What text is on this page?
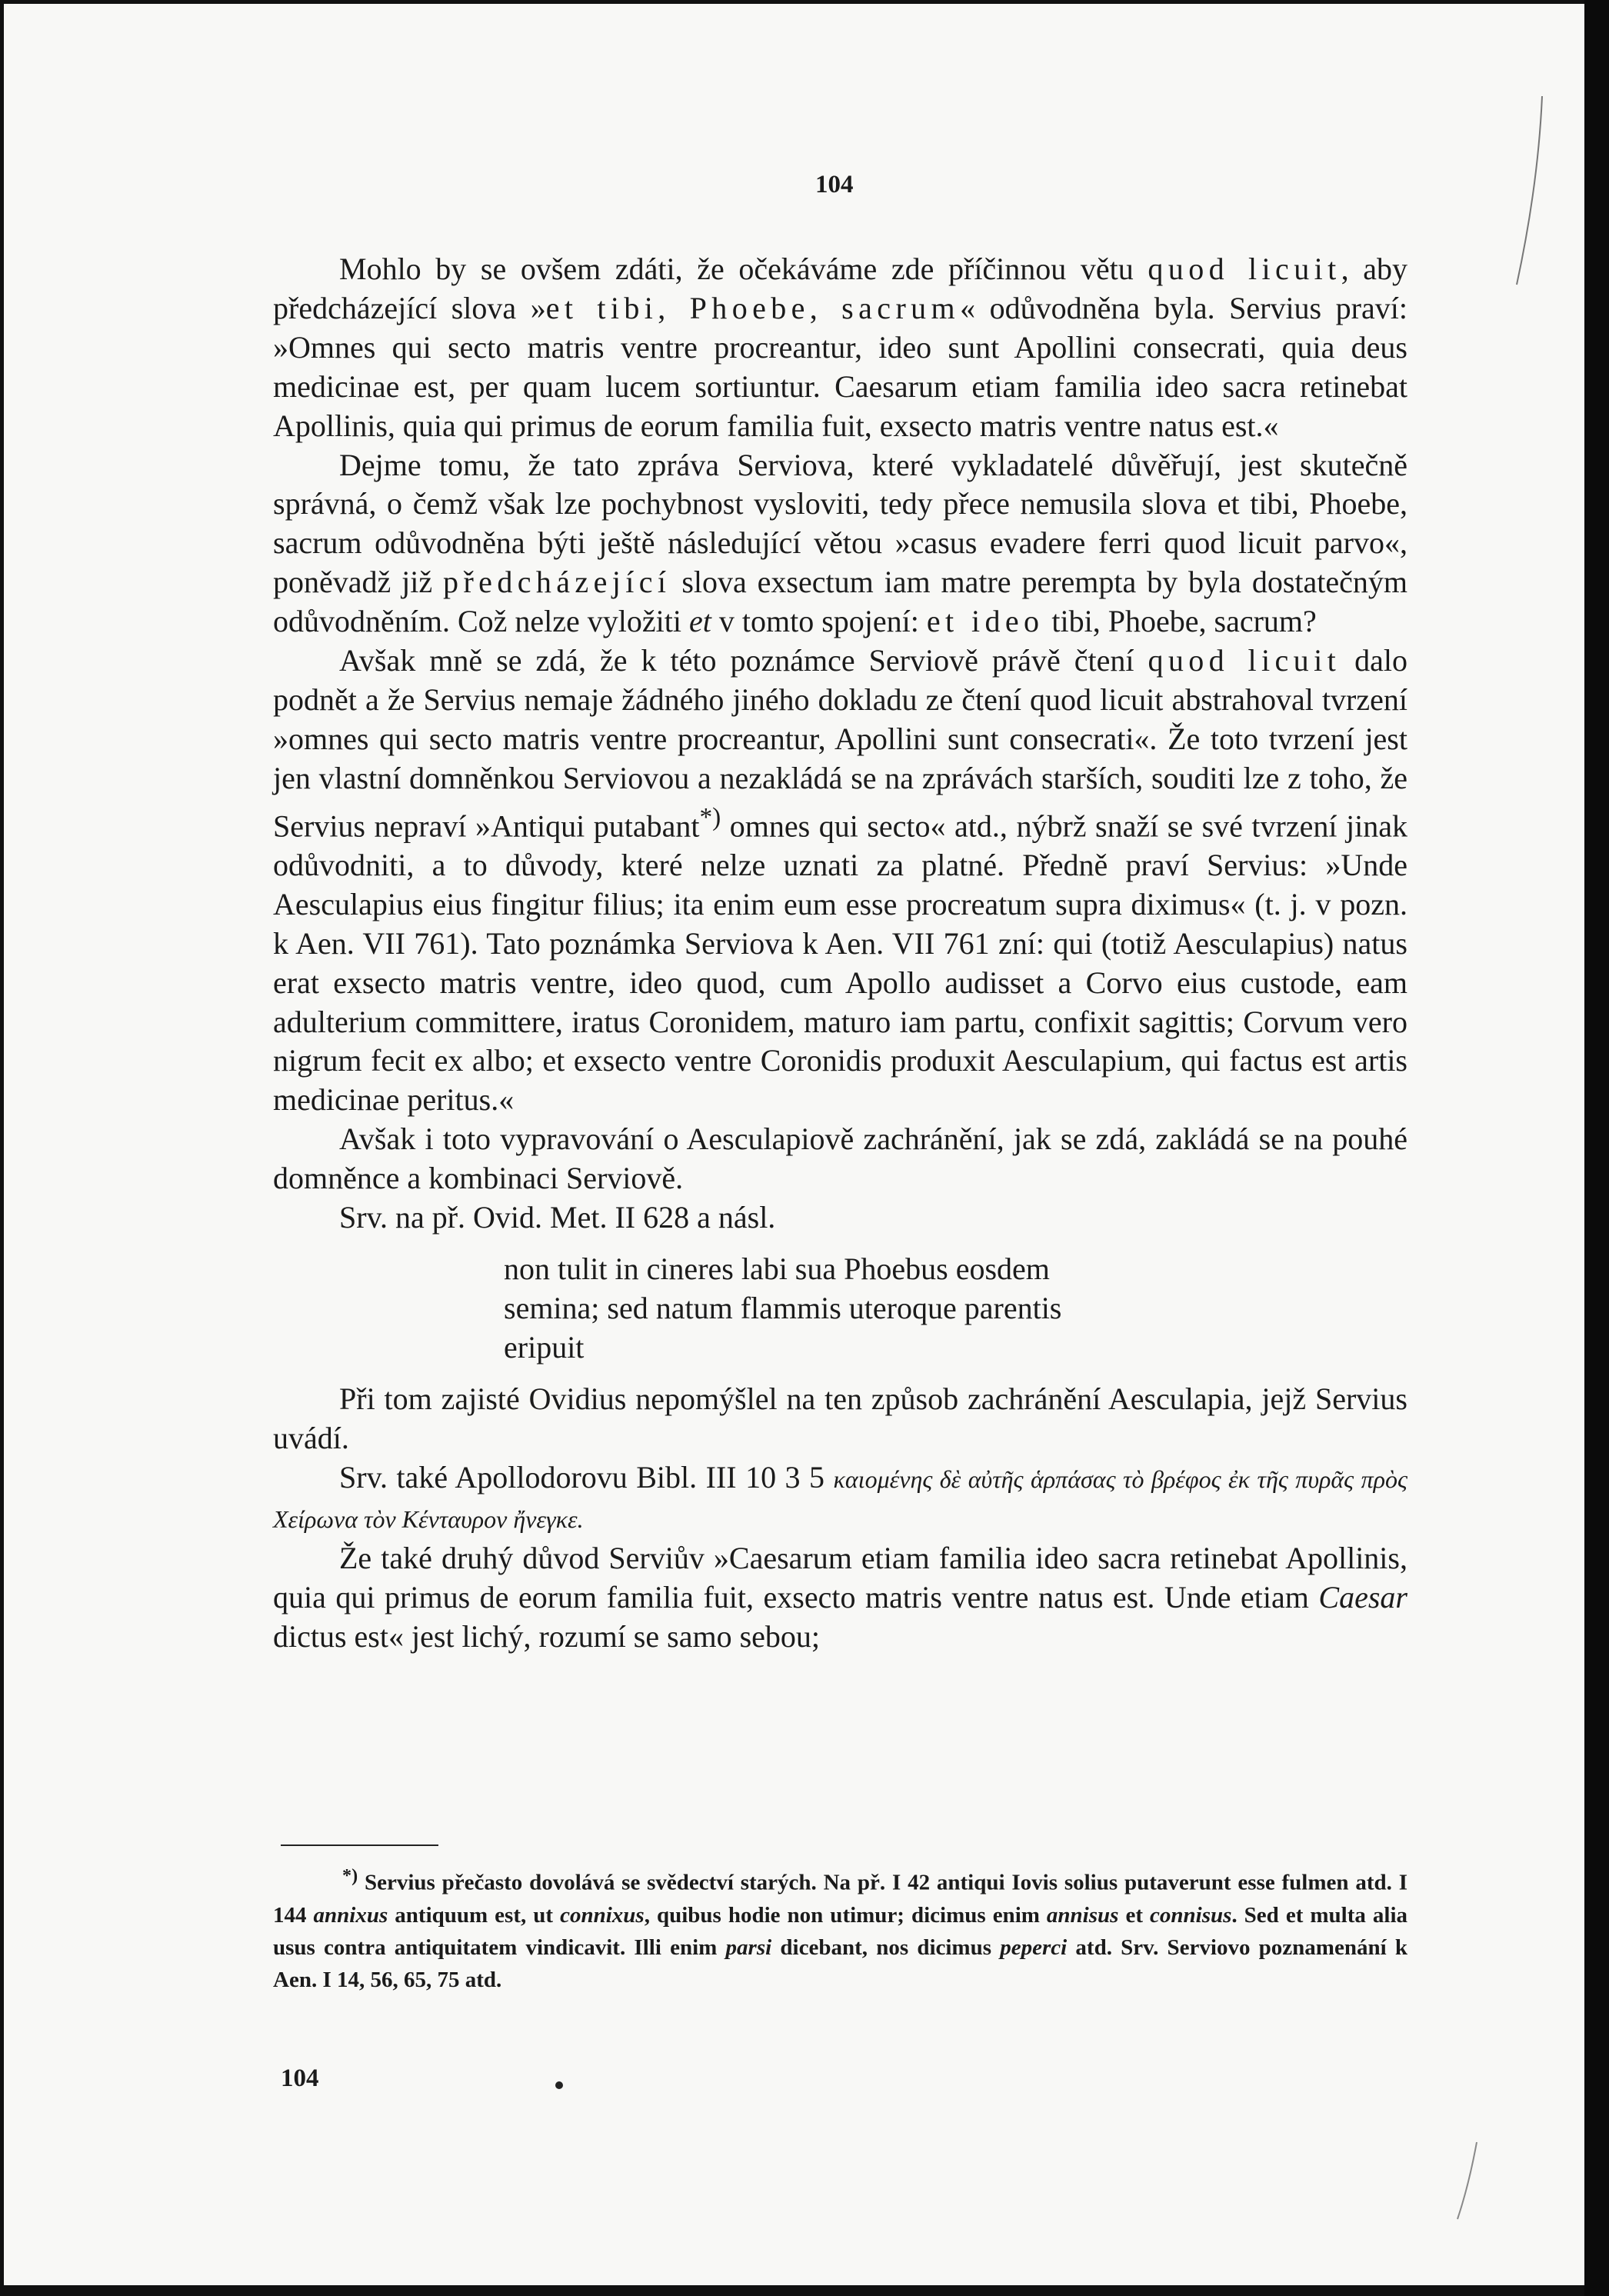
104

Mohlo by se ovšem zdáti, že očekáváme zde příčinnou větu quod licuit, aby předcházející slova »et tibi, Phoebe, sacrum« odůvodněna byla. Servius praví: »Omnes qui secto matris ventre procreantur, ideo sunt Apollini consecrati, quia deus medicinae est, per quam lucem sortiuntur. Caesarum etiam familia ideo sacra retinebat Apollinis, quia qui primus de eorum familia fuit, exsecto matris ventre natus est.«

Dejme tomu, že tato zpráva Serviova, které vykladatelé důvěřují, jest skutečně správná, o čemž však lze pochybnost vysloviti, tedy přece nemusila slova et tibi, Phoebe, sacrum odůvodněna býti ještě následující větou »casus evadere ferri quod licuit parvo«, poněvadž již předcházející slova exsectum iam matre perempta by byla dostatečným odůvodněním. Což nelze vyložiti et v tomto spojení: et ideo tibi, Phoebe, sacrum?

Avšak mně se zdá, že k této poznámce Serviově právě čtení quod licuit dalo podnět a že Servius nemaje žádného jiného dokladu ze čtení quod licuit abstrahoval tvrzení »omnes qui secto matris ventre procreantur, Apollini sunt consecrati«. Že toto tvrzení jest jen vlastní domněnkou Serviovou a nezakládá se na zprávách starších, souditi lze z toho, že Servius nepraví »Antiqui putabant*) omnes qui secto« atd., nýbrž snaží se své tvrzení jinak odůvodniti, a to důvody, které nelze uznati za platné. Předně praví Servius: »Unde Aesculapius eius fingitur filius; ita enim eum esse procreatum supra diximus« (t. j. v pozn. k Aen. VII 761). Tato poznámka Serviova k Aen. VII 761 zní: qui (totiž Aesculapius) natus erat exsecto matris ventre, ideo quod, cum Apollo audisset a Corvo eius custode, eam adulterium committere, iratus Coronidem, maturo iam partu, confixit sagittis; Corvum vero nigrum fecit ex albo; et exsecto ventre Coronidis produxit Aesculapium, qui factus est artis medicinae peritus.«

Avšak i toto vypravování o Aesculapiově zachránění, jak se zdá, zakládá se na pouhé domněnce a kombinaci Serviově.

Srv. na př. Ovid. Met. II 628 a násl.

non tulit in cineres labi sua Phoebus eosdem
semina; sed natum flammis uteroque parentis
eripuit

Při tom zajisté Ovidius nepomýšlel na ten způsob zachránění Aesculapia, jejž Servius uvádí.

Srv. také Apollodorovu Bibl. III 10 3 5 καιομένης δὲ αὐτῆς ἁρπάσας τὸ βρέφος ἐκ τῆς πυρᾶς πρὸς Χείρωνα τὸν Κένταυρον ἤνεγκε.

Že také druhý důvod Serviův »Caesarum etiam familia ideo sacra retinebat Apollinis, quia qui primus de eorum familia fuit, exsecto matris ventre natus est. Unde etiam Caesar dictus est« jest lichý, rozumí se samo sebou;

*) Servius přečasto dovolává se svědectví starých. Na př. I 42 antiqui Iovis solius putaverunt esse fulmen atd. I 144 annixus antiquum est, ut connixus, quibus hodie non utimur; dicimus enim annisus et connisus. Sed et multa alia usus contra antiquitatem vindicavit. Illi enim parsi dicebant, nos dicimus peperci atd. Srv. Serviovo poznamenání k Aen. I 14, 56, 65, 75 atd.

104
